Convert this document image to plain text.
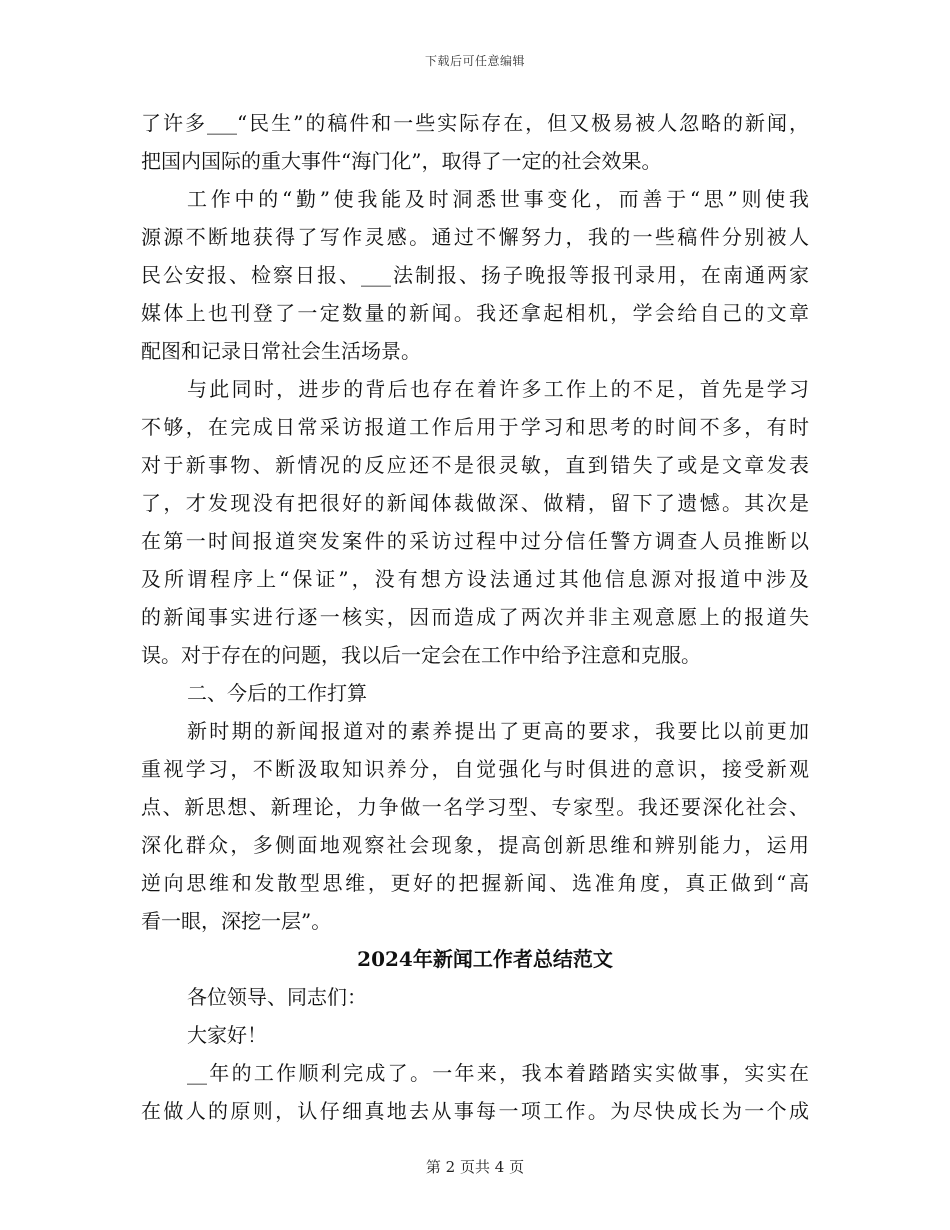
下载后可任意编辑
了许多___“民生”的稿件和一些实际存在，但又极易被人忽略的新闻，
把国内国际的重大事件“海门化”，取得了一定的社会效果。
工作中的“勤”使我能及时洞悉世事变化，而善于“思”则使我
源源不断地获得了写作灵感。通过不懈努力，我的一些稿件分别被人
民公安报、检察日报、___法制报、扬子晚报等报刊录用，在南通两家
媒体上也刊登了一定数量的新闻。我还拿起相机，学会给自己的文章
配图和记录日常社会生活场景。
与此同时，进步的背后也存在着许多工作上的不足，首先是学习
不够，在完成日常采访报道工作后用于学习和思考的时间不多，有时
对于新事物、新情况的反应还不是很灵敏，直到错失了或是文章发表
了，才发现没有把很好的新闻体裁做深、做精，留下了遗憾。其次是
在第一时间报道突发案件的采访过程中过分信任警方调查人员推断以
及所谓程序上“保证”，没有想方设法通过其他信息源对报道中涉及
的新闻事实进行逐一核实，因而造成了两次并非主观意愿上的报道失
误。对于存在的问题，我以后一定会在工作中给予注意和克服。
二、今后的工作打算
新时期的新闻报道对的素养提出了更高的要求，我要比以前更加
重视学习，不断汲取知识养分，自觉强化与时俱进的意识，接受新观
点、新思想、新理论，力争做一名学习型、专家型。我还要深化社会、
深化群众，多侧面地观察社会现象，提高创新思维和辨别能力，运用
逆向思维和发散型思维，更好的把握新闻、选准角度，真正做到“高
看一眼，深挖一层”。
2024年新闻工作者总结范文
各位领导、同志们：
大家好！
__年的工作顺利完成了。一年来，我本着踏踏实实做事，实实在
在做人的原则，认仔细真地去从事每一项工作。为尽快成长为一个成
第 2 页共 4 页
